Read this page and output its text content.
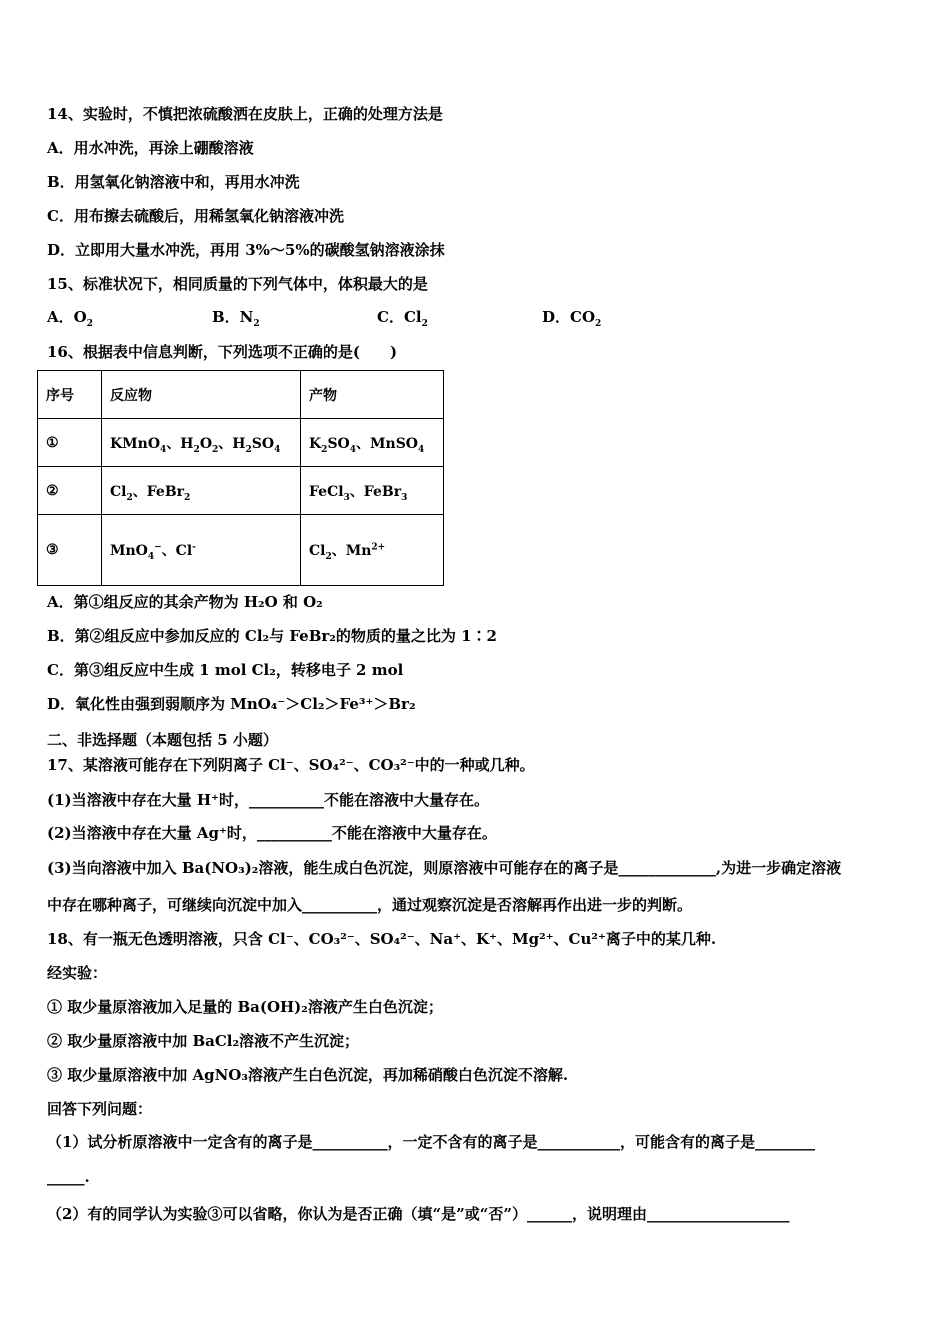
14、实验时，不慎把浓硫酸洒在皮肤上，正确的处理方法是
A．用水冲洗，再涂上硼酸溶液
B．用氢氧化钠溶液中和，再用水冲洗
C．用布擦去硫酸后，用稀氢氧化钠溶液冲洗
D．立即用大量水冲洗，再用 3%～5%的碳酸氢钠溶液涂抹
15、标准状况下，相同质量的下列气体中，体积最大的是
A．$O_2$	B．$N_2$	C．$Cl_2$	D．$CO_2$
16、根据表中信息判断，下列选项不正确的是(　　)
序号	反应物	产物
①	KMnO$_4$、$H_2O_2$、$H_2SO_4$	$K_2SO_4$、MnSO$_4$
②	$Cl_2$、FeBr$_2$	FeCl$_3$、FeBr$_3$
③	MnO$_4$−、Cl-	$Cl_2$、$Mn^{2+}$
A．第①组反应的其余产物为 H₂O 和 O₂
B．第②组反应中参加反应的 Cl₂与 FeBr₂的物质的量之比为 1∶2
C．第③组反应中生成 1 mol Cl₂，转移电子 2 mol
D．氧化性由强到弱顺序为 MnO₄⁻＞Cl₂＞Fe³⁺＞Br₂
二、非选择题（本题包括 5 小题）
17、某溶液可能存在下列阴离子 Cl⁻、SO₄²⁻、CO₃²⁻中的一种或几种。
(1)当溶液中存在大量 H⁺时，__________不能在溶液中大量存在。
(2)当溶液中存在大量 Ag⁺时，__________不能在溶液中大量存在。
(3)当向溶液中加入 Ba(NO₃)₂溶液，能生成白色沉淀，则原溶液中可能存在的离子是_____________,为进一步确定溶液
中存在哪种离子，可继续向沉淀中加入__________，通过观察沉淀是否溶解再作出进一步的判断。
18、有一瓶无色透明溶液，只含 Cl⁻、CO₃²⁻、SO₄²⁻、Na⁺、K⁺、Mg²⁺、Cu²⁺离子中的某几种.
经实验：
① 取少量原溶液加入足量的 Ba(OH)₂溶液产生白色沉淀；
② 取少量原溶液中加 BaCl₂溶液不产生沉淀；
③ 取少量原溶液中加 AgNO₃溶液产生白色沉淀，再加稀硝酸白色沉淀不溶解.
回答下列问题：
（1）试分析原溶液中一定含有的离子是__________，一定不含有的离子是___________，可能含有的离子是________
_____.
（2）有的同学认为实验③可以省略，你认为是否正确（填“是”或“否”）______，说明理由___________________
